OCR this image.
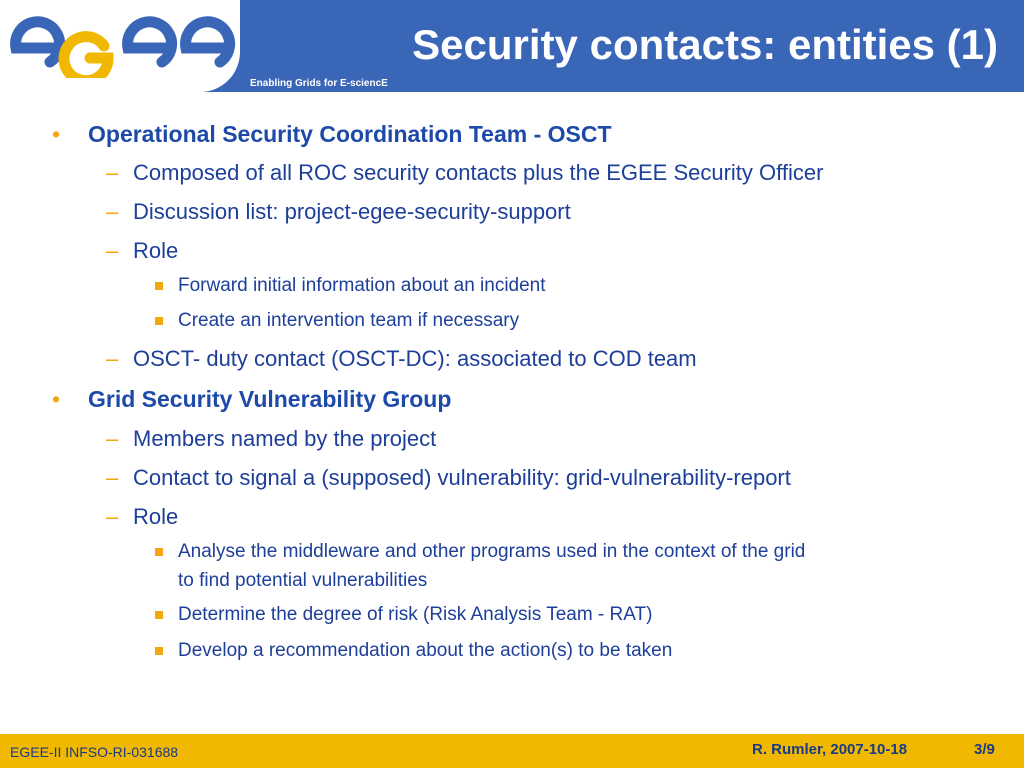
Security contacts: entities (1)
Enabling Grids for E-sciencE
• Operational Security Coordination Team - OSCT
– Composed of all ROC security contacts plus the EGEE Security Officer
– Discussion list: project-egee-security-support
– Role
Forward initial information about an incident
Create an intervention team if necessary
– OSCT- duty contact (OSCT-DC): associated to COD team
• Grid Security Vulnerability Group
– Members named by the project
– Contact to signal a (supposed) vulnerability: grid-vulnerability-report
– Role
Analyse the middleware and other programs used in the context of the grid
to find potential vulnerabilities
Determine the degree of risk (Risk Analysis Team - RAT)
Develop a recommendation about the action(s) to be taken
EGEE-II INFSO-RI-031688	R. Rumler, 2007-10-18	3/9
